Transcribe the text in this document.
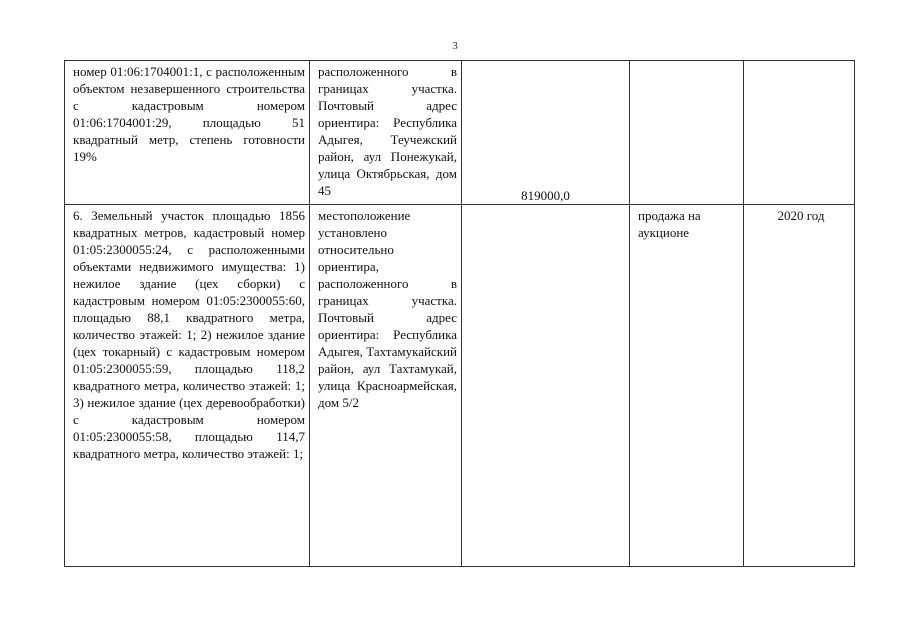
3
номер 01:06:1704001:1, с расположенным объектом незавершенного строительства с кадастровым номером 01:06:1704001:29, площадью 51 квадратный метр, степень готовности 19%	расположенного в границах участка. Почтовый адрес ориентира: Республика Адыгея, Теучежский район, аул Понежукай, улица Октябрьская, дом 45	819000,0		

6. Земельный участок площадью 1856 квадратных метров, кадастровый номер 01:05:2300055:24, с расположенными объектами недвижимого имущества: 1) нежилое здание (цех сборки) с кадастровым номером 01:05:2300055:60, площадью 88,1 квадратного метра, количество этажей: 1; 2) нежилое здание (цех токарный) с кадастровым номером 01:05:2300055:59, площадью 118,2 квадратного метра, количество этажей: 1; 3) нежилое здание (цех деревообработки) с кадастровым номером 01:05:2300055:58, площадью 114,7 квадратного метра, количество этажей: 1;	местоположение установлено относительно ориентира, расположенного в границах участка. Почтовый адрес ориентира: Республика Адыгея, Тахтамукайский район, аул Тахтамукай, улица Красноармейская, дом 5/2		продажа на аукционе	2020 год
